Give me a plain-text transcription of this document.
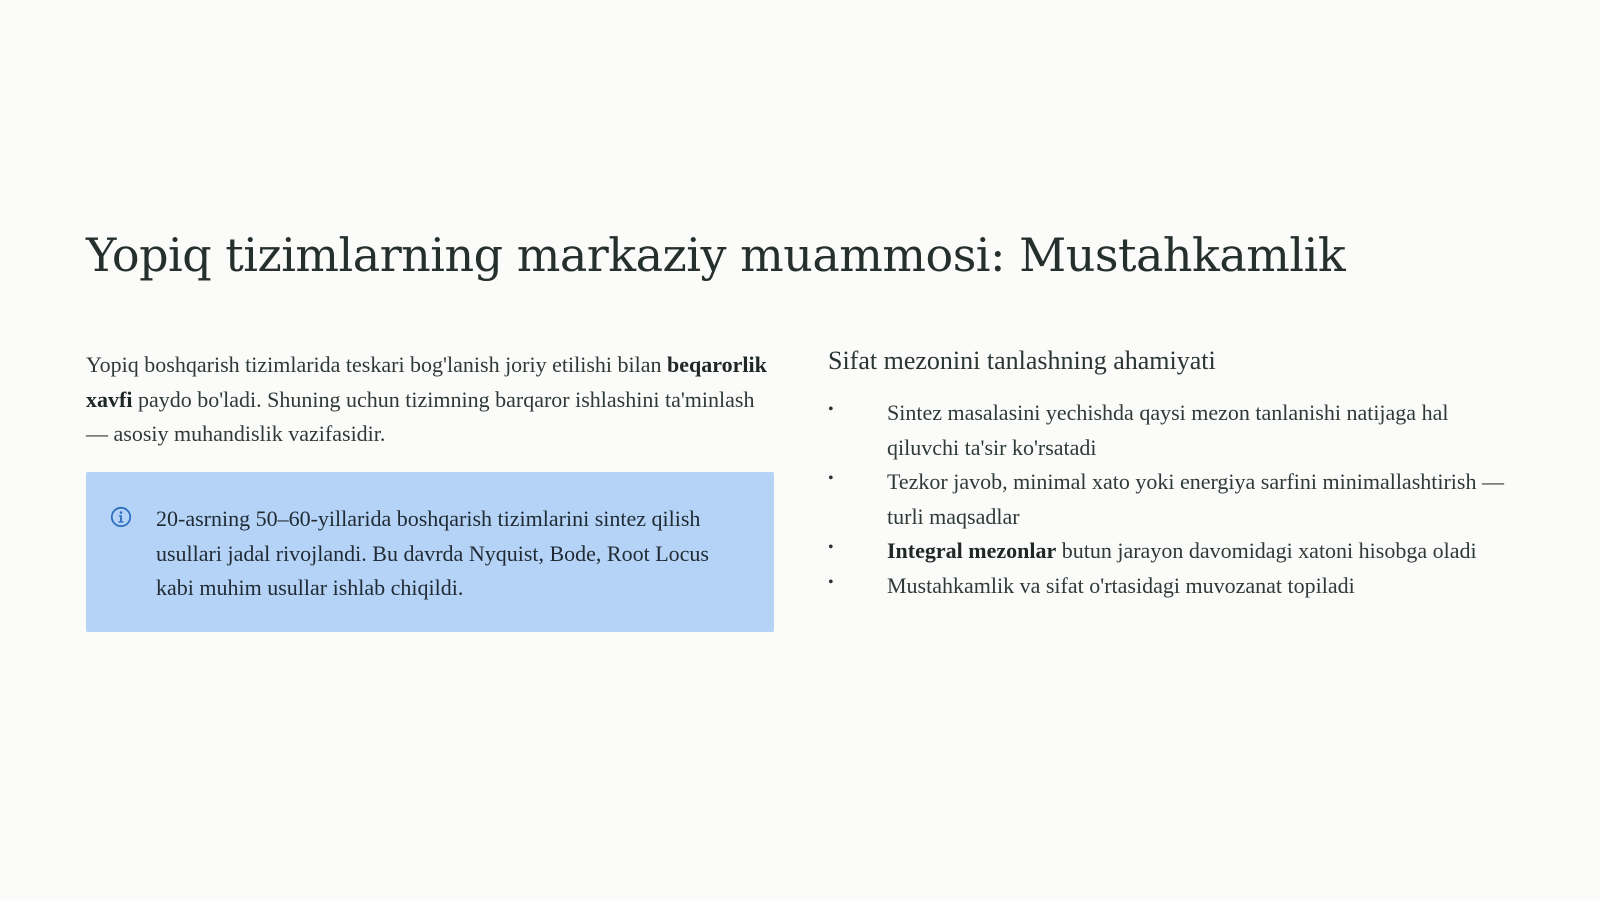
Yopiq tizimlarning markaziy muammosi: Mustahkamlik

Yopiq boshqarish tizimlarida teskari bog'lanish joriy etilishi bilan beqarorlik xavfi paydo bo'ladi. Shuning uchun tizimning barqaror ishlashini ta'minlash — asosiy muhandislik vazifasidir.

20-asrning 50–60-yillarida boshqarish tizimlarini sintez qilish usullari jadal rivojlandi. Bu davrda Nyquist, Bode, Root Locus kabi muhim usullar ishlab chiqildi.

Sifat mezonini tanlashning ahamiyati
• Sintez masalasini yechishda qaysi mezon tanlanishi natijaga hal qiluvchi ta'sir ko'rsatadi
• Tezkor javob, minimal xato yoki energiya sarfini minimallashtirish — turli maqsadlar
• Integral mezonlar butun jarayon davomidagi xatoni hisobga oladi
• Mustahkamlik va sifat o'rtasidagi muvozanat topiladi
